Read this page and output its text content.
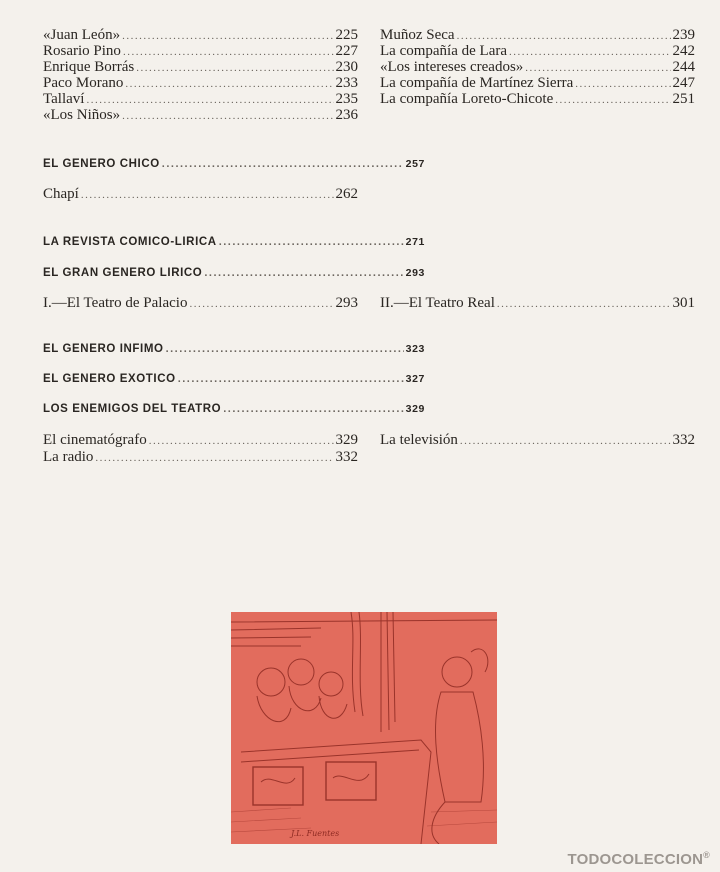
«Juan León» .....	225
Rosario Pino .....	227
Enrique Borrás .....	230
Paco Morano .....	233
Tallaví .....	235
«Los Niños» .....	236
Muñoz Seca .....	239
La compañía de Lara .....	242
«Los intereses creados» .....	244
La compañía de Martínez Sierra .....	247
La compañía Loreto-Chicote .....	251
EL GENERO CHICO .....	257
Chapí .....	262
LA REVISTA COMICO-LIRICA .....	271
EL GRAN GENERO LIRICO .....	293
I.—El Teatro de Palacio .....	293 II.—El Teatro Real .....	301
EL GENERO INFIMO .....	323
EL GENERO EXOTICO .....	327
LOS ENEMIGOS DEL TEATRO .....	329
El cinematógrafo .....	329 La televisión .....	332
La radio .....	332
J.L. Fuentes
TODOCOLECCION®
